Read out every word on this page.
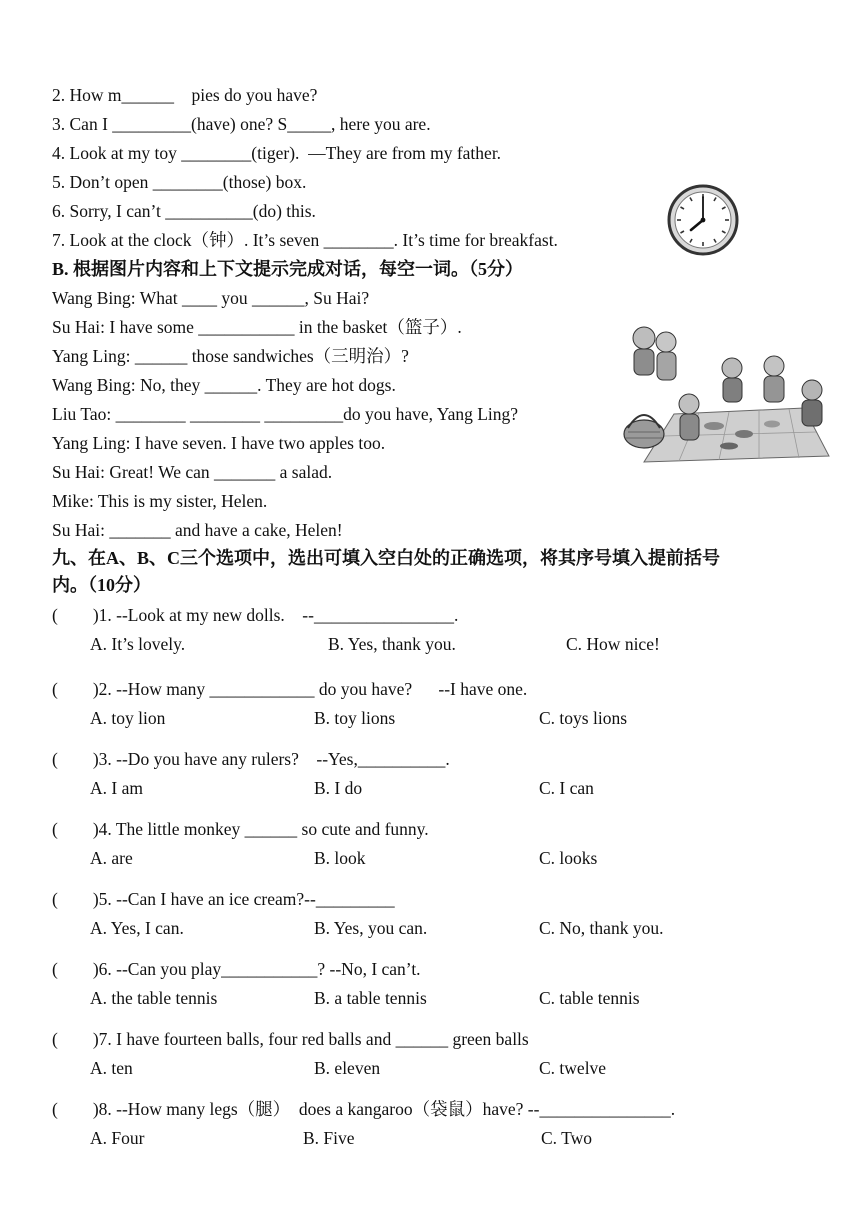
2. How m______    pies do you have?
3. Can I _________(have) one? S_____, here you are.
4. Look at my toy ________(tiger).  —They are from my father.
5. Don’t open ________(those) box.
6. Sorry, I can’t __________(do) this.
7. Look at the clock（钟）. It’s seven ________. It’s time for breakfast.
B. 根据图片内容和上下文提示完成对话，每空一词。（5分）
Wang Bing: What ____ you ______, Su Hai?
Su Hai: I have some ___________ in the basket（篮子）.
Yang Ling: ______ those sandwiches（三明治）?
Wang Bing: No, they ______. They are hot dogs.
Liu Tao: ________ ________ _________do you have, Yang Ling?
Yang Ling: I have seven. I have two apples too.
Su Hai: Great! We can _______ a salad.
Mike: This is my sister, Helen.
Su Hai: _______ and have a cake, Helen!
九、在A、B、C三个选项中，选出可填入空白处的正确选项，将其序号填入提前括号
内。（10分）
(        )1. --Look at my new dolls.    --________________.
A. It’s lovely.	B. Yes, thank you.	C. How nice!
(        )2. --How many ____________ do you have?      --I have one.
A. toy lion	B. toy lions	C. toys lions
(        )3. --Do you have any rulers?    --Yes,__________.
A. I am	B. I do	C. I can
(        )4. The little monkey ______ so cute and funny.
A. are	B. look	C. looks
(        )5. --Can I have an ice cream?--_________
A. Yes, I can.	B. Yes, you can.	C. No, thank you.
(        )6. --Can you play___________? --No, I can’t.
A. the table tennis	B. a table tennis	C. table tennis
(        )7. I have fourteen balls, four red balls and ______ green balls
A. ten	B. eleven	C. twelve
(        )8. --How many legs（腿）  does a kangaroo（袋鼠）have? --_______________.
A. Four	B. Five	C. Two
